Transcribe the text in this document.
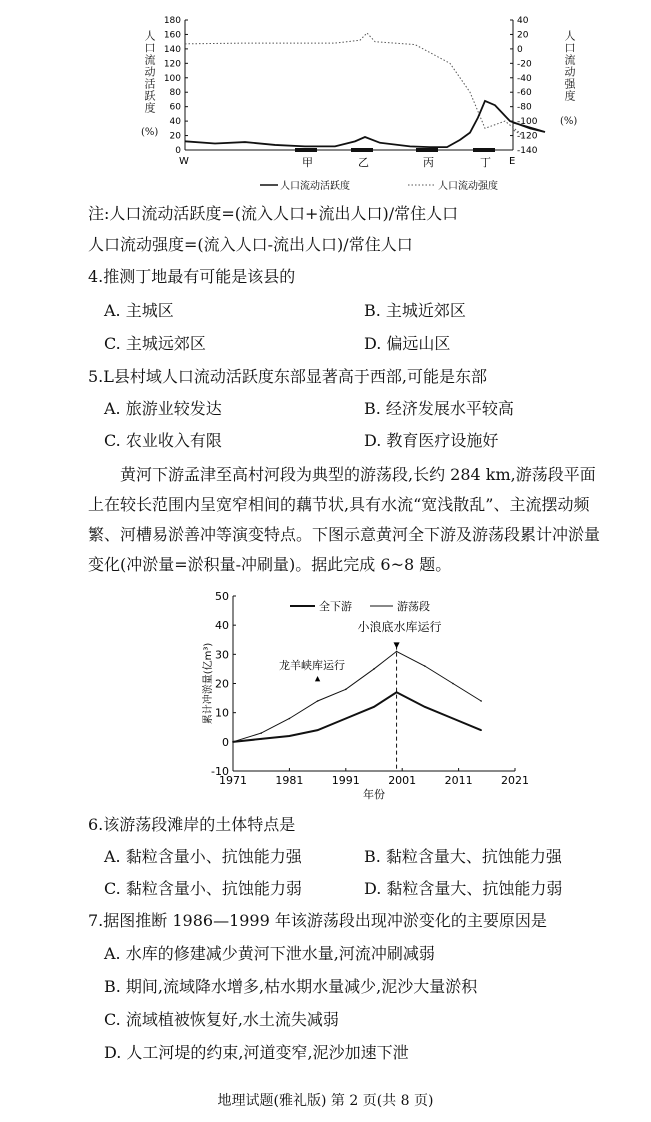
180
160
140
120
100
80
60
40
20
0
40
20
0
-20
-40
-60
-80
-100
-120
-140
W	E
甲	乙	丙	丁
人口流动活跃度	人口流动强度
人口流动活跃度
(%)
人口流动强度
(%)
注:人口流动活跃度=(流入人口+流出人口)/常住人口
人口流动强度=(流入人口-流出人口)/常住人口
4.推测丁地最有可能是该县的
A. 主城区	B. 主城近郊区
C. 主城远郊区	D. 偏远山区
5.L县村域人口流动活跃度东部显著高于西部,可能是东部
A. 旅游业较发达	B. 经济发展水平较高
C. 农业收入有限	D. 教育医疗设施好

黄河下游孟津至高村河段为典型的游荡段,长约 284 km,游荡段平面

上在较长范围内呈宽窄相间的藕节状,具有水流“宽浅散乱”、主流摆动频

繁、河槽易淤善冲等演变特点。下图示意黄河全下游及游荡段累计冲淤量

变化(冲淤量=淤积量-冲刷量)。据此完成 6~8 题。

50
40
30
20
10
0
-10
1971	1981	1991	2001	2011	2021
年份
累计冲淤量(亿m³)
小浪底水库运行
▼
龙羊峡库运行
▲
全下游	游荡段
6.该游荡段滩岸的土体特点是
A. 黏粒含量小、抗蚀能力强	B. 黏粒含量大、抗蚀能力强
C. 黏粒含量小、抗蚀能力弱	D. 黏粒含量大、抗蚀能力弱
7.据图推断 1986—1999 年该游荡段出现冲淤变化的主要原因是
A. 水库的修建减少黄河下泄水量,河流冲刷减弱
B. 期间,流域降水增多,枯水期水量减少,泥沙大量淤积
C. 流域植被恢复好,水土流失减弱
D. 人工河堤的约束,河道变窄,泥沙加速下泄
地理试题(雅礼版) 第 2 页(共 8 页)
